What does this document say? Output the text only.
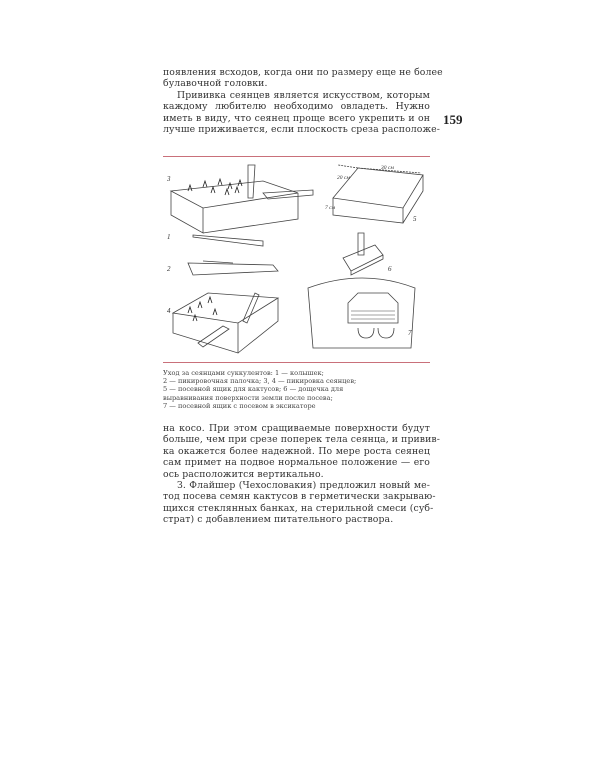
появления всходов, когда они по размеру еще не более
булавочной головки.
Прививка сеянцев является искусством, которым
каждому любителю необходимо овладеть. Нужно
иметь в виду, что сеянец проще всего укрепить и он
лучше приживается, если плоскость среза расположе-
159
3
1
2
4
5
6
7
30 см
20 см
7 см
Уход за сеянцами суккулентов: 1 — колышек;
2 — пикировочная палочка; 3, 4 — пикировка сеянцев;
5 — посевной ящик для кактусов; 6 — дощечка для
выравнивания поверхности земли после посева;
7 — посевной ящик с посевом в эксикаторе
на косо. При этом сращиваемые поверхности будут
больше, чем при срезе поперек тела сеянца, и привив-
ка окажется более надежной. По мере роста сеянец
сам примет на подвое нормальное положение — его
ось расположится вертикально.
З. Флайшер (Чехословакия) предложил новый ме-
тод посева семян кактусов в герметически закрываю-
щихся стеклянных банках, на стерильной смеси (суб-
страт) с добавлением питательного раствора.
